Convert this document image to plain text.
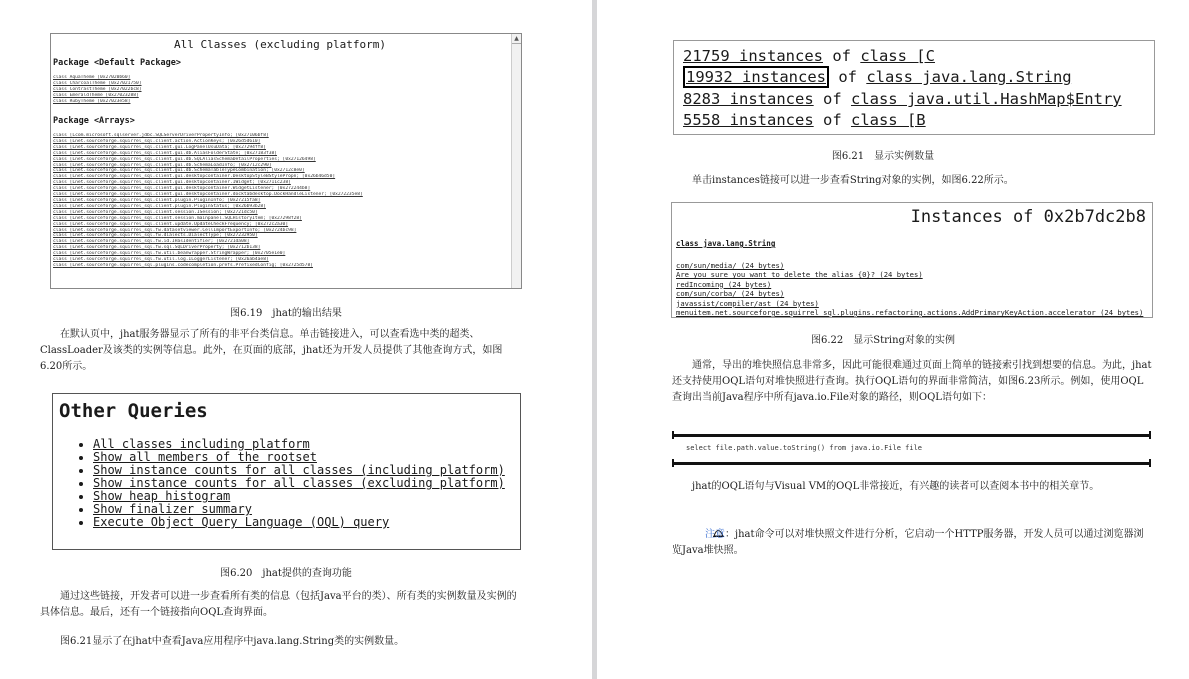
All Classes (excluding platform)
Package <Default Package>
class AquaTheme [0x27020b60]
class CharcoalTheme [0x27021750]
class ContrastTheme [0x27022bc8]
class EmeraldTheme [0x27023288]
class RubyTheme [0x27023e58]
Package <Arrays>
class [Lcom.microsoft.sqlserver.jdbc.SQLServerDriverPropertyInfo; [0x27106bf8]
class [Lnet.sourceforge.squirrel_sql.client.action.ActionKeys; [0x26d5d610]
class [Lnet.sourceforge.squirrel_sql.client.gui.LogPanelUsuData; [0x27294ff8]
class [Lnet.sourceforge.squirrel_sql.client.gui.db.AliasFolderState; [0x27183f38]
class [Lnet.sourceforge.squirrel_sql.client.gui.db.SQLAliasSchemaDetailProperties; [0x27126498]
class [Lnet.sourceforge.squirrel_sql.client.gui.db.SchemaLoadInfo; [0x2712c290]
class [Lnet.sourceforge.squirrel_sql.client.gui.db.SchemaTableTypeCombination; [0x2712c8e0]
class [Lnet.sourceforge.squirrel_sql.client.gui.desktopcontainer.DesktopStyleBStylePropn; [0x26b46d50]
class [Lnet.sourceforge.squirrel_sql.client.gui.desktopcontainer.IWidget; [0x2711c238]
class [Lnet.sourceforge.squirrel_sql.client.gui.desktopcontainer.WidgetListener; [0x272244b8]
class [Lnet.sourceforge.squirrel_sql.client.gui.desktopcontainer.docktabdesktop.DockHandleListener; [0x272235e8]
class [Lnet.sourceforge.squirrel_sql.client.plugin.PluginInfo; [0x27215fa8]
class [Lnet.sourceforge.squirrel_sql.client.plugin.PluginStatus; [0x26b93b28]
class [Lnet.sourceforge.squirrel_sql.client.session.ISession; [0x2721dc50]
class [Lnet.sourceforge.squirrel_sql.client.session.mainpanel.SQLHistoryItem; [0x27298f28]
class [Lnet.sourceforge.squirrel_sql.client.update.UpdateCheckFrequency; [0x272c2a30]
class [Lnet.sourceforge.squirrel_sql.fw.datasetviewer.CellImportExportInfo; [0x2724bc98]
class [Lnet.sourceforge.squirrel_sql.fw.dialects.DialectType; [0x27232950]
class [Lnet.sourceforge.squirrel_sql.fw.id.IHasIdentifier; [0x2721da08]
class [Lnet.sourceforge.squirrel_sql.fw.sql.SQLDriverProperty; [0x2712b138]
class [Lnet.sourceforge.squirrel_sql.fw.util.beanwrapper.StringWrapper; [0x2705e1e0]
class [Lnet.sourceforge.squirrel_sql.fw.util.log.ILoggerListener; [0x26ab4ae8]
class [Lnet.sourceforge.squirrel_sql.plugins.codecompletion.prefs.PrefixedConfig; [0x2725d578]
▲
图6.19　jhat的输出结果
在默认页中，jhat服务器显示了所有的非平台类信息。单击链接进入，可以查看选中类的超类、ClassLoader及该类的实例等信息。此外，在页面的底部，jhat还为开发人员提供了其他查询方式，如图6.20所示。
Other Queries
• All classes including platform
• Show all members of the rootset
• Show instance counts for all classes (including platform)
• Show instance counts for all classes (excluding platform)
• Show heap histogram
• Show finalizer summary
• Execute Object Query Language (OQL) query
图6.20　jhat提供的查询功能
通过这些链接，开发者可以进一步查看所有类的信息（包括Java平台的类）、所有类的实例数量及实例的具体信息。最后，还有一个链接指向OQL查询界面。
图6.21显示了在jhat中查看Java应用程序中java.lang.String类的实例数量。
21759 instances of class [C
19932 instances of class java.lang.String
8283 instances of class java.util.HashMap$Entry
5558 instances of class [B
图6.21　显示实例数量
单击instances链接可以进一步查看String对象的实例，如图6.22所示。
Instances of 0x2b7dc2b8
class java.lang.String
com/sun/media/ (24 bytes)
Are you sure you want to delete the alias {0}? (24 bytes)
redIncoming (24 bytes)
com/sun/corba/ (24 bytes)
javassist/compiler/ast (24 bytes)
menuitem.net.sourceforge.squirrel_sql.plugins.refactoring.actions.AddPrimaryKeyAction.accelerator (24 bytes)
图6.22　显示String对象的实例
通常，导出的堆快照信息非常多，因此可能很难通过页面上简单的链接索引找到想要的信息。为此，jhat还支持使用OQL语句对堆快照进行查询。执行OQL语句的界面非常简洁，如图6.23所示。例如，使用OQL查询出当前Java程序中所有java.io.File对象的路径，则OQL语句如下：
select file.path.value.toString() from java.io.File file
jhat的OQL语句与Visual VM的OQL非常接近，有兴趣的读者可以查阅本书中的相关章节。
注意：jhat命令可以对堆快照文件进行分析，它启动一个HTTP服务器，开发人员可以通过浏览器浏览Java堆快照。
